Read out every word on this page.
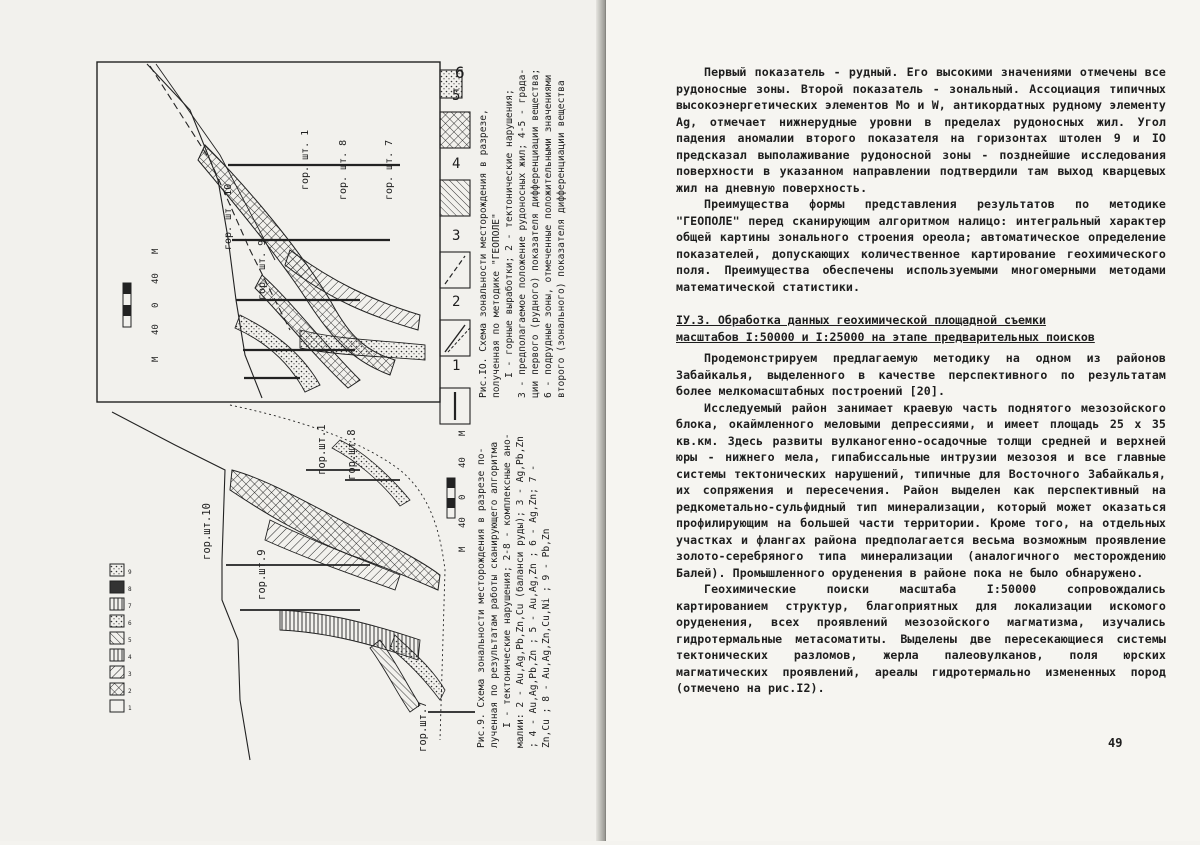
гор. шт. 10
гор. шт. 9
гор. шт. 1	гор. шт. 8	гор. шт. 7
М
40
0
40
М	Рис.IO. Схема зональности месторождения в разрезе, полученная по методике "ГЕОПОЛЕ" I - горные выработки; 2 - тектонические нарушения; 3 - предполагаемое положение рудоносных жил; 4-5 - града- ции первого (рудного) показателя дифференциации вещества; 6 - подрудные зоны, отмеченные положительными значениями второго (зонального) показателя дифференциации вещества
1
2
3
4
6
гор.шт.10
гор.шт.9
гор.шт.1 гор.шт.8
гор.шт.7
М
40
0
40
М
1
2
3
4
5
6
7
8
9	Рис.9. Схема зональности месторождения в разрезе по- лученная по результатам работы сканирующего алгоритма I - тектонические нарушения; 2-8 - комплексные ано- малии: 2 - Au,Ag,Pb,Zn,Cu (баланси руды); 3 - Ag,Pb,Zn ; 4 - Au,Ag,Pb,Zn ; 5 - Au,Ag,Zn ; 6 - Ag,Zn; 7 - Zn,Cu ; 8 - Au,Ag,Zn,Cu,Ni ; 9 - Pb,Zn

Первый показатель - рудный. Его высокими значениями отмечены все рудоносные зоны. Второй показатель - зональный. Ассоциация типичных высокоэнергетических элементов Mo и W, антикордатных рудному элементу Ag, отмечает нижнерудные уровни в пределах рудоносных жил. Угол падения аномалии второго показателя на горизонтах штолен 9 и IO предсказал выполаживание рудоносной зоны - позднейшие исследования поверхности в указанном направлении подтвердили там выход кварцевых жил на дневную поверхность.

Преимущества формы представления результатов по методике "ГЕОПОЛЕ" перед сканирующим алгоритмом налицо: интегральный характер общей картины зонального строения ореола; автоматическое определение показателей, допускающих количественное картирование геохимического поля. Преимущества обеспечены используемыми многомерными методами математической статистики.

IУ.3. Обработка данных геохимической площадной съемки
масштабов I:50000 и I:25000 на этапе предварительных поисков

Продемонстрируем предлагаемую методику на одном из районов Забайкалья, выделенного в качестве перспективного по результатам более мелкомасштабных построений [20].

Исследуемый район занимает краевую часть поднятого мезозойского блока, окаймленного меловыми депрессиями, и имеет площадь 25 х 35 кв.км. Здесь развиты вулканогенно-осадочные толщи средней и верхней юры - нижнего мела, гипабиссальные интрузии мезозоя и все главные системы тектонических нарушений, типичные для Восточного Забайкалья, их сопряжения и пересечения. Район выделен как перспективный на редкометально-сульфидный тип минерализации, который может оказаться профилирующим на большей части территории. Кроме того, на отдельных участках и флангах района предполагается весьма возможным проявление золото-серебряного типа минерализации (аналогичного месторождению Балей). Промышленного оруденения в районе пока не было обнаружено.

Геохимические поиски масштаба I:50000 сопровождались картированием структур, благоприятных для локализации искомого оруденения, всех проявлений мезозойского магматизма, изучались гидротермальные метасоматиты. Выделены две пересекающиеся системы тектонических разломов, жерла палеовулканов, поля юрских магматических проявлений, ареалы гидротермально измененных пород (отмечено на рис.I2).

49
